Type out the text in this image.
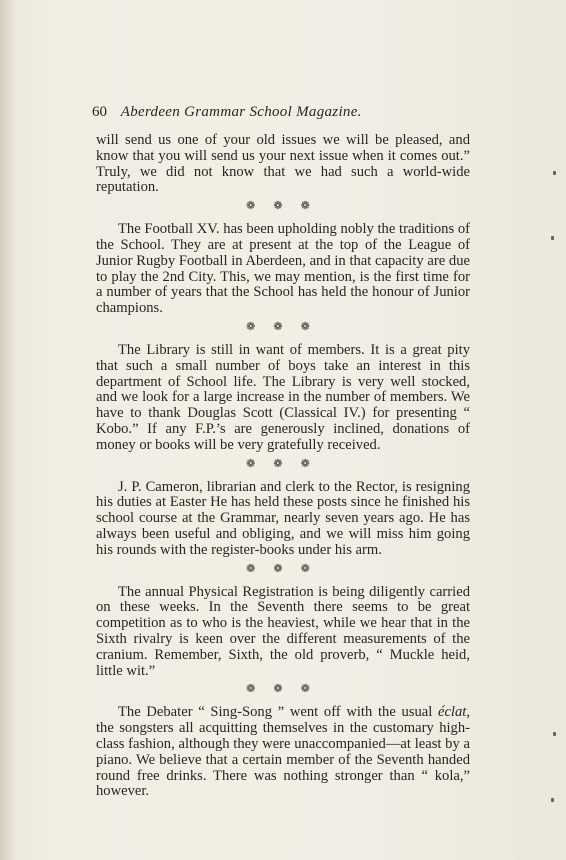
60 Aberdeen Grammar School Magazine.

will send us one of your old issues we will be pleased, and know that you will send us your next issue when it comes out.” Truly, we did not know that we had such a world-wide reputation.

❁ ❁ ❁

The Football XV. has been upholding nobly the traditions of the School. They are at present at the top of the League of Junior Rugby Football in Aberdeen, and in that capacity are due to play the 2nd City. This, we may mention, is the first time for a number of years that the School has held the honour of Junior champions.

❁ ❁ ❁

The Library is still in want of members. It is a great pity that such a small number of boys take an interest in this department of School life. The Library is very well stocked, and we look for a large increase in the number of members. We have to thank Douglas Scott (Classical IV.) for presenting “ Kobo.” If any F.P.’s are generously inclined, donations of money or books will be very gratefully received.

❁ ❁ ❁

J. P. Cameron, librarian and clerk to the Rector, is resigning his duties at Easter He has held these posts since he finished his school course at the Grammar, nearly seven years ago. He has always been useful and obliging, and we will miss him going his rounds with the register-books under his arm.

❁ ❁ ❁

The annual Physical Registration is being diligently carried on these weeks. In the Seventh there seems to be great competition as to who is the heaviest, while we hear that in the Sixth rivalry is keen over the different measurements of the cranium. Remember, Sixth, the old proverb, “ Muckle heid, little wit.”

❁ ❁ ❁

The Debater “ Sing-Song ” went off with the usual éclat, the songsters all acquitting themselves in the customary high-class fashion, although they were unaccompanied—at least by a piano. We believe that a certain member of the Seventh handed round free drinks. There was nothing stronger than “ kola,” however.
